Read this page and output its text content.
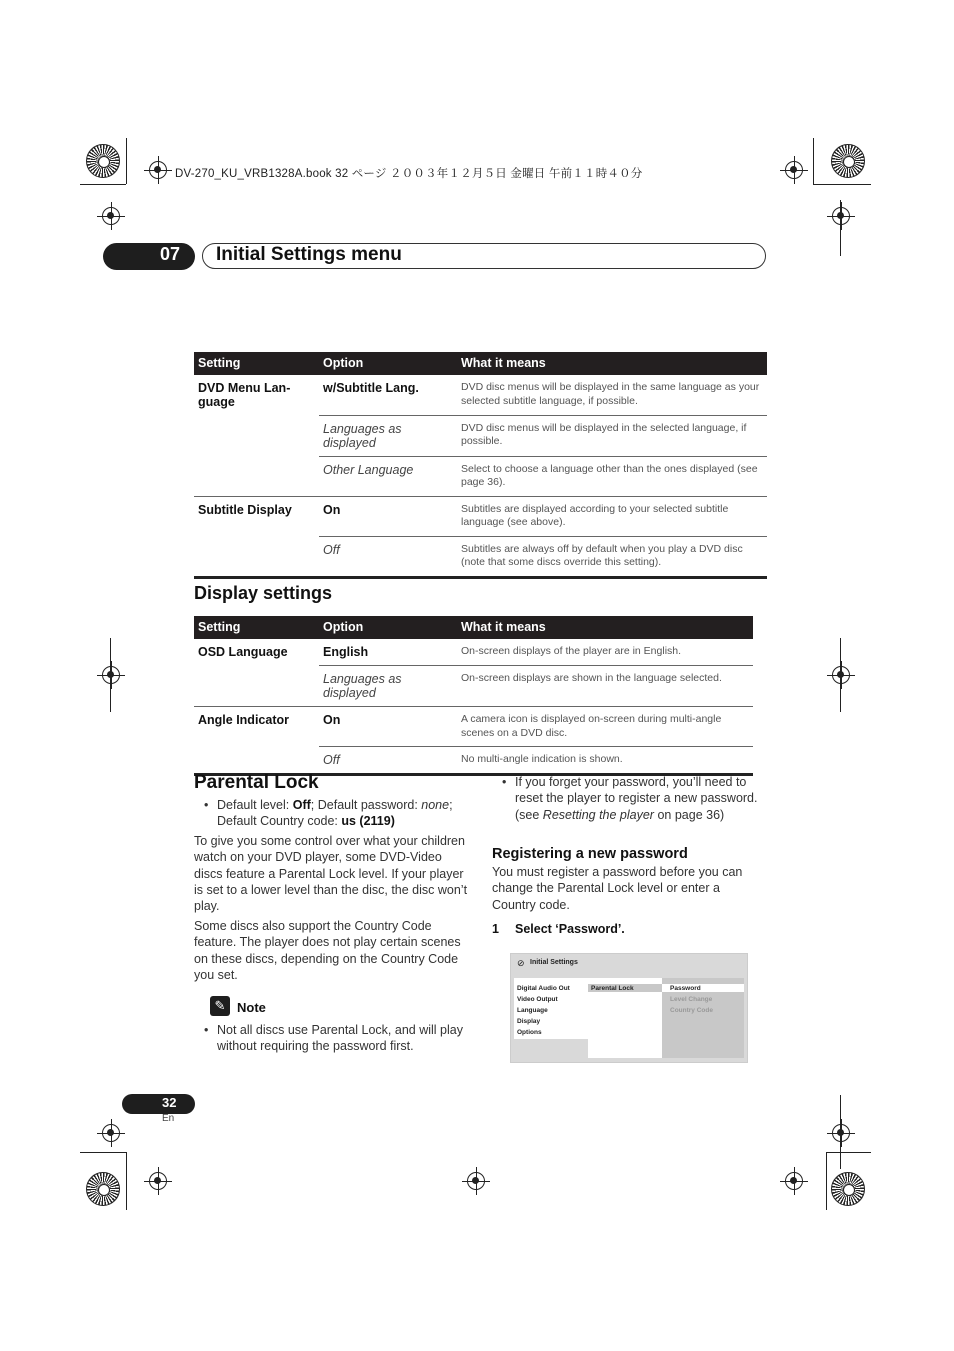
DV-270_KU_VRB1328A.book 32 ページ ２００３年１２月５日 金曜日 午前１１時４０分
07 Initial Settings menu
Setting	Option	What it means
DVD Menu Lan-
guage	w/Subtitle Lang.	DVD disc menus will be displayed in the same language as your selected subtitle language, if possible.
	Languages as displayed	DVD disc menus will be displayed in the selected language, if possible.
	Other Language	Select to choose a language other than the ones displayed (see page 36).
Subtitle Display	On	Subtitles are displayed according to your selected subtitle language (see above).
	Off	Subtitles are always off by default when you play a DVD disc (note that some discs override this setting).
Display settings
Setting	Option	What it means
OSD Language	English	On-screen displays of the player are in English.
	Languages as displayed	On-screen displays are shown in the language selected.
Angle Indicator	On	A camera icon is displayed on-screen during multi-angle scenes on a DVD disc.
	Off	No multi-angle indication is shown.
Parental Lock
• Default level: Off; Default password: none; Default Country code: us (2119)
To give you some control over what your children watch on your DVD player, some DVD-Video discs feature a Parental Lock level. If your player is set to a lower level than the disc, the disc won’t play.
Some discs also support the Country Code feature. The player does not play certain scenes on these discs, depending on the Country Code you set.
✎ Note
• Not all discs use Parental Lock, and will play without requiring the password first.
• If you forget your password, you’ll need to reset the player to register a new password. (see Resetting the player on page 36)
Registering a new password
You must register a password before you can change the Parental Lock level or enter a Country code.
1 Select ‘Password’.
⊘ Initial Settings
Digital Audio Out
Video Output
Language
Display
Options
Parental Lock	Password
Level Change
Country Code
32
En
